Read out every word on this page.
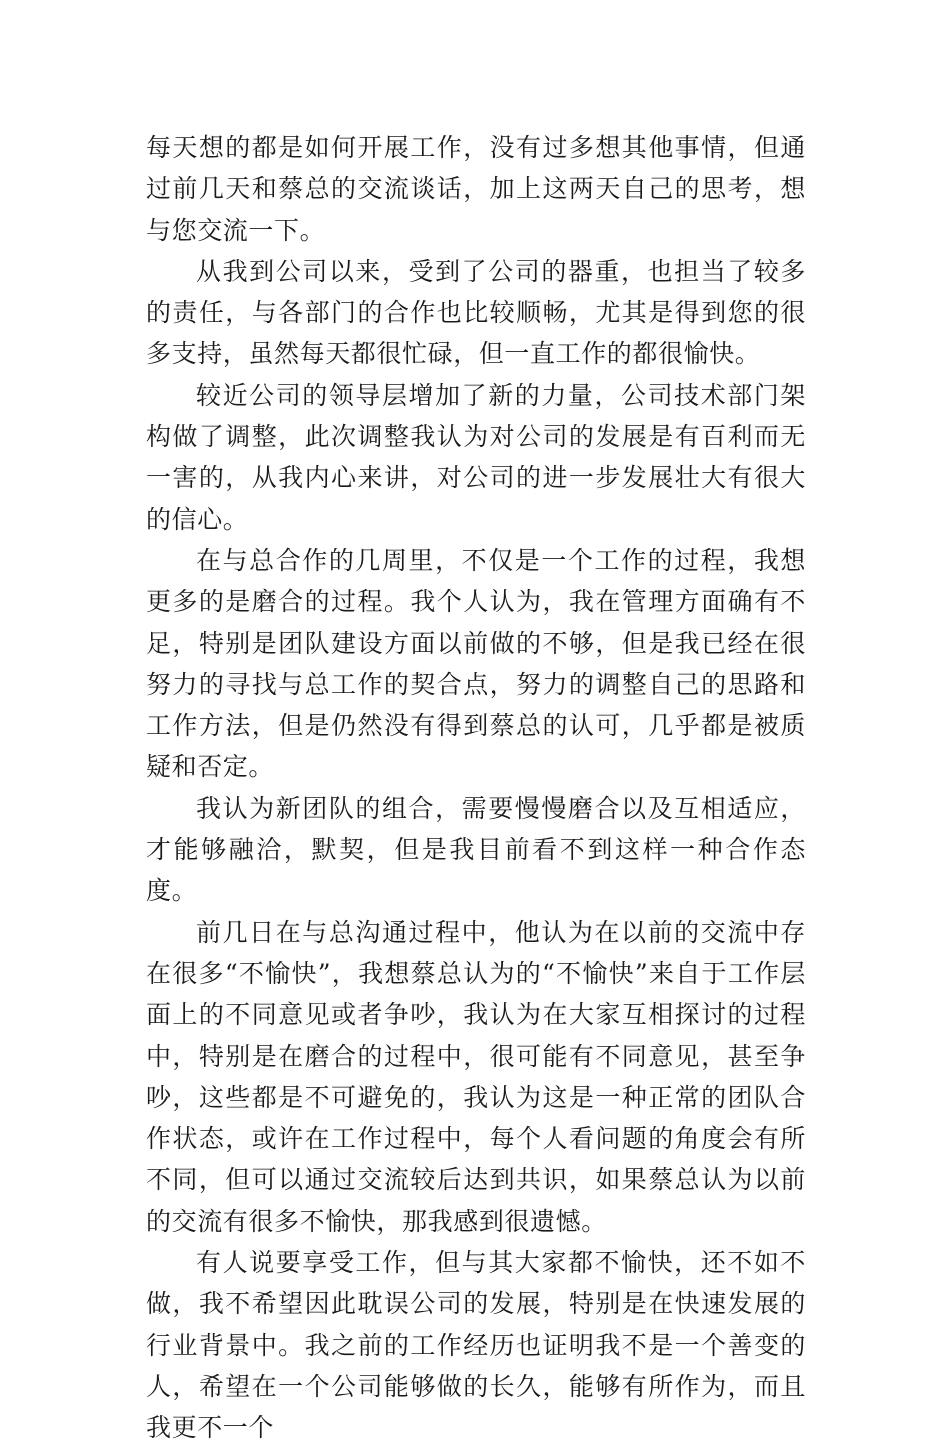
每天想的都是如何开展工作，没有过多想其他事情，但通过前几天和蔡总的交流谈话，加上这两天自己的思考，想与您交流一下。

从我到公司以来，受到了公司的器重，也担当了较多的责任，与各部门的合作也比较顺畅，尤其是得到您的很多支持，虽然每天都很忙碌，但一直工作的都很愉快。

较近公司的领导层增加了新的力量，公司技术部门架构做了调整，此次调整我认为对公司的发展是有百利而无一害的，从我内心来讲，对公司的进一步发展壮大有很大的信心。

在与总合作的几周里，不仅是一个工作的过程，我想更多的是磨合的过程。我个人认为，我在管理方面确有不足，特别是团队建设方面以前做的不够，但是我已经在很努力的寻找与总工作的契合点，努力的调整自己的思路和工作方法，但是仍然没有得到蔡总的认可，几乎都是被质疑和否定。

我认为新团队的组合，需要慢慢磨合以及互相适应，才能够融洽，默契，但是我目前看不到这样一种合作态度。

前几日在与总沟通过程中，他认为在以前的交流中存在很多“不愉快”，我想蔡总认为的“不愉快”来自于工作层面上的不同意见或者争吵，我认为在大家互相探讨的过程中，特别是在磨合的过程中，很可能有不同意见，甚至争吵，这些都是不可避免的，我认为这是一种正常的团队合作状态，或许在工作过程中，每个人看问题的角度会有所不同，但可以通过交流较后达到共识，如果蔡总认为以前的交流有很多不愉快，那我感到很遗憾。

有人说要享受工作，但与其大家都不愉快，还不如不做，我不希望因此耽误公司的发展，特别是在快速发展的行业背景中。我之前的工作经历也证明我不是一个善变的人，希望在一个公司能够做的长久，能够有所作为，而且我更不一个
